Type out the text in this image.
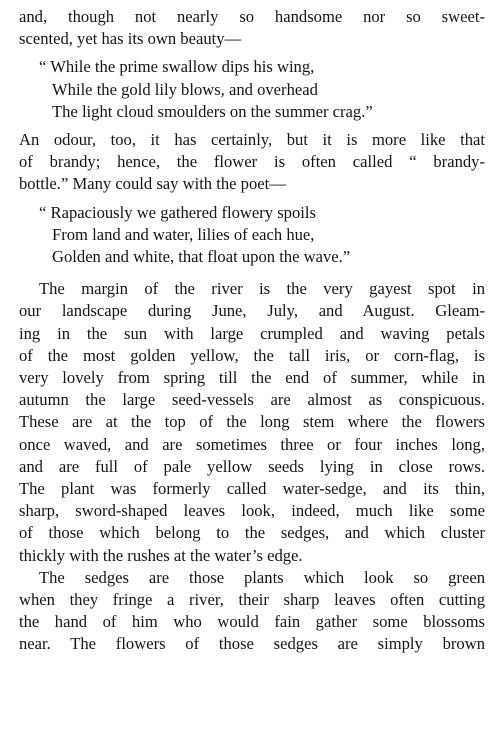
and, though not nearly so handsome nor so sweet-
scented, yet has its own beauty—
“ While the prime swallow dips his wing,
While the gold lily blows, and overhead
The light cloud smoulders on the summer crag.”
An odour, too, it has certainly, but it is more like that
of brandy; hence, the flower is often called “ brandy-
bottle.” Many could say with the poet—
“ Rapaciously we gathered flowery spoils
From land and water, lilies of each hue,
Golden and white, that float upon the wave.”
The margin of the river is the very gayest spot in
our landscape during June, July, and August. Gleam-
ing in the sun with large crumpled and waving petals
of the most golden yellow, the tall iris, or corn-flag, is
very lovely from spring till the end of summer, while in
autumn the large seed-vessels are almost as conspicuous.
These are at the top of the long stem where the flowers
once waved, and are sometimes three or four inches long,
and are full of pale yellow seeds lying in close rows.
The plant was formerly called water-sedge, and its thin,
sharp, sword-shaped leaves look, indeed, much like some
of those which belong to the sedges, and which cluster
thickly with the rushes at the water’s edge.
The sedges are those plants which look so green
when they fringe a river, their sharp leaves often cutting
the hand of him who would fain gather some blossoms
near. The flowers of those sedges are simply brown
